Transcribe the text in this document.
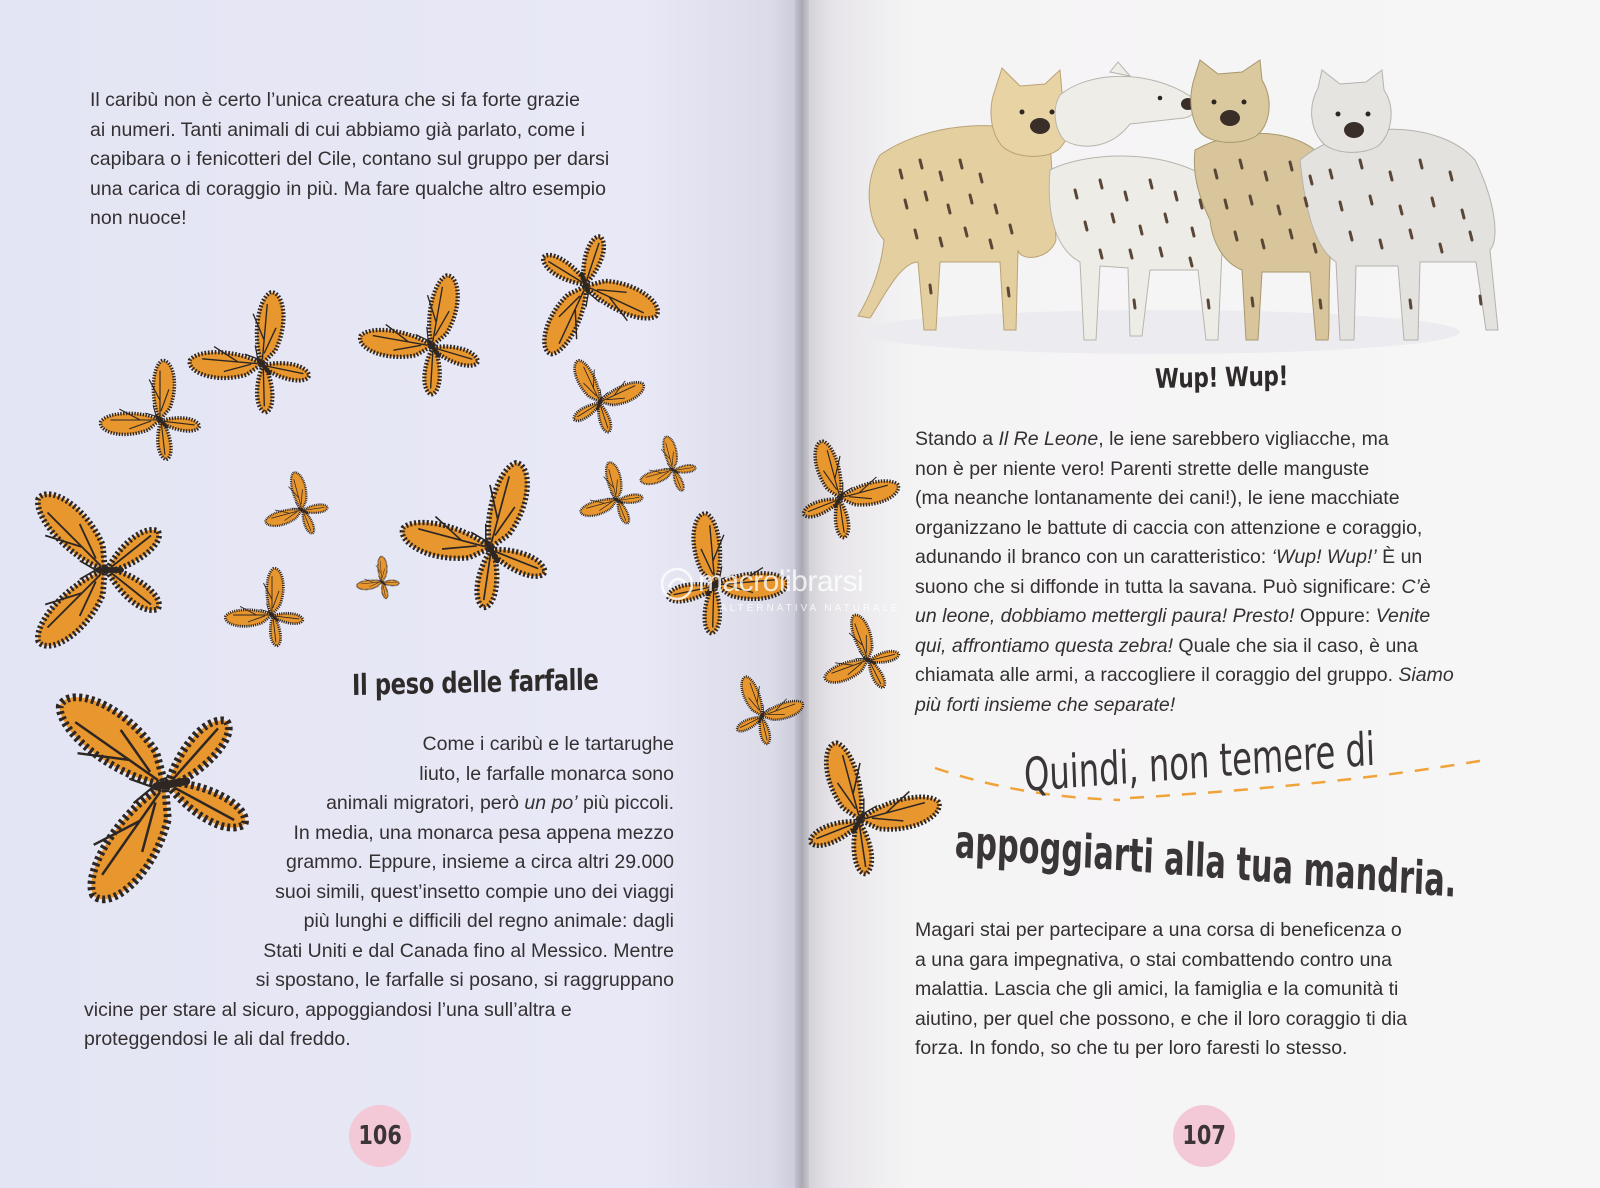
Il caribù non è certo l’unica creatura che si fa forte grazie
ai numeri. Tanti animali di cui abbiamo già parlato, come i
capibara o i fenicotteri del Cile, contano sul gruppo per darsi
una carica di coraggio in più. Ma fare qualche altro esempio
non nuoce!
Il peso delle farfalle
Come i caribù e le tartarughe
liuto, le farfalle monarca sono
animali migratori, però un po’ più piccoli.
In media, una monarca pesa appena mezzo
grammo. Eppure, insieme a circa altri 29.000
suoi simili, quest’insetto compie uno dei viaggi
più lunghi e difficili del regno animale: dagli
Stati Uniti e dal Canada fino al Messico. Mentre
si spostano, le farfalle si posano, si raggruppano
vicine per stare al sicuro, appoggiandosi l’una sull’altra e
proteggendosi le ali dal freddo.
106
Wup! Wup!
Stando a Il Re Leone, le iene sarebbero vigliacche, ma
non è per niente vero! Parenti strette delle manguste
(ma neanche lontanamente dei cani!), le iene macchiate
organizzano le battute di caccia con attenzione e coraggio,
adunando il branco con un caratteristico: ‘Wup! Wup!’ È un
suono che si diffonde in tutta la savana. Può significare: C’è
un leone, dobbiamo mettergli paura! Presto! Oppure: Venite
qui, affrontiamo questa zebra! Quale che sia il caso, è una
chiamata alle armi, a raccogliere il coraggio del gruppo. Siamo
più forti insieme che separate!
Quindi, non temere di
appoggiarti alla tua mandria.
Magari stai per partecipare a una corsa di beneficenza o
a una gara impegnativa, o stai combattendo contro una
malattia. Lascia che gli amici, la famiglia e la comunità ti
aiutino, per quel che possono, e che il loro coraggio ti dia
forza. In fondo, so che tu per loro faresti lo stesso.
107
macrolibrarsi
ALTERNATIVA NATURALE
